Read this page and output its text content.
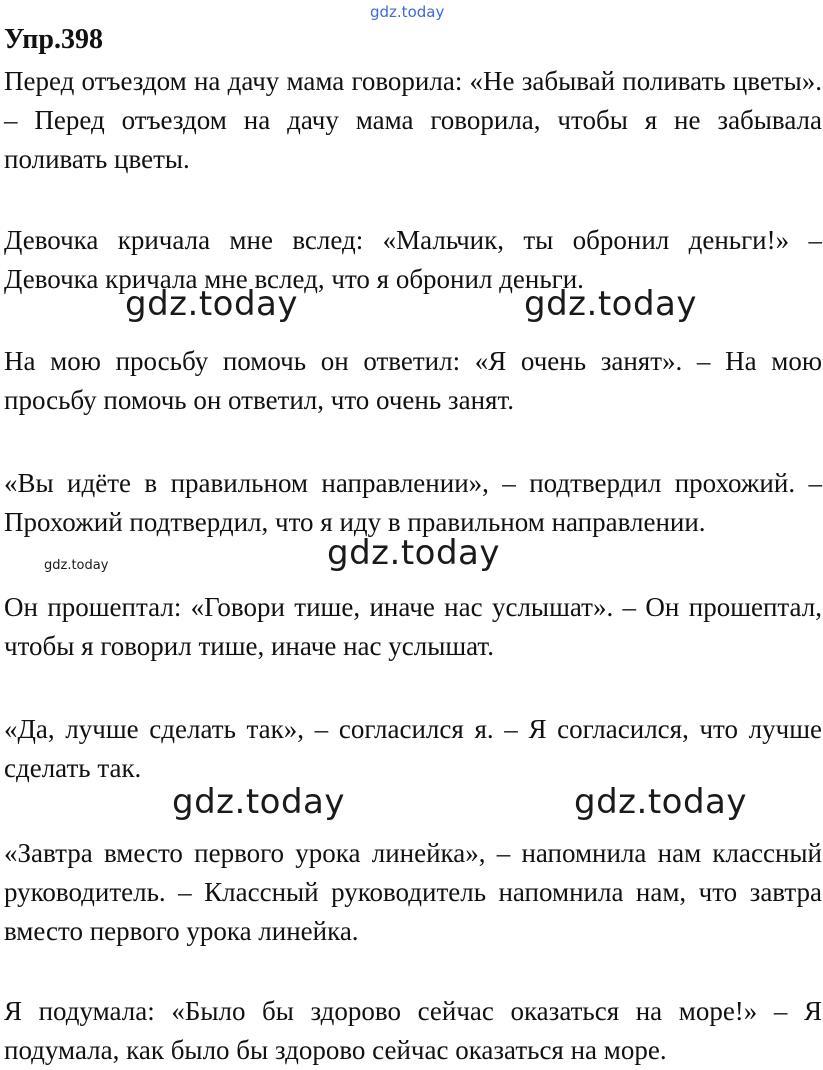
gdz.today
Упр.398
Перед отъездом на дачу мама говорила: «Не забывай поливать цветы». – Перед отъездом на дачу мама говорила, чтобы я не забывала поливать цветы.
Девочка кричала мне вслед: «Мальчик, ты обронил деньги!» – Девочка кричала мне вслед, что я обронил деньги.
gdz.today	gdz.today
На мою просьбу помочь он ответил: «Я очень занят». – На мою просьбу помочь он ответил, что очень занят.
«Вы идёте в правильном направлении», – подтвердил прохожий. – Прохожий подтвердил, что я иду в правильном направлении.
gdz.today	gdz.today
Он прошептал: «Говори тише, иначе нас услышат». – Он прошептал, чтобы я говорил тише, иначе нас услышат.
«Да, лучше сделать так», – согласился я. – Я согласился, что лучше сделать так.
gdz.today	gdz.today
«Завтра вместо первого урока линейка», – напомнила нам классный руководитель. – Классный руководитель напомнила нам, что завтра вместо первого урока линейка.
Я подумала: «Было бы здорово сейчас оказаться на море!» – Я подумала, как было бы здорово сейчас оказаться на море.
